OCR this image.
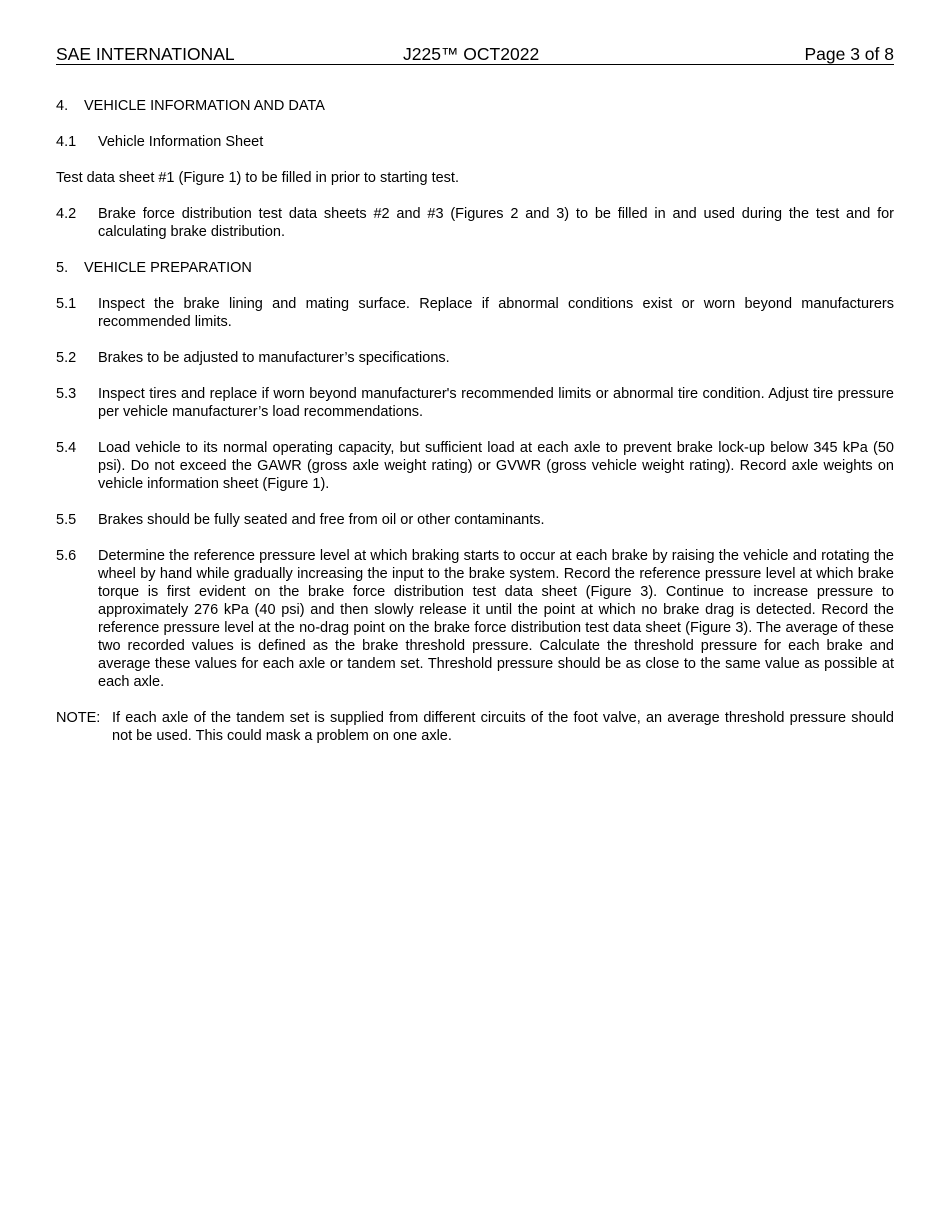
SAE INTERNATIONAL	J225™ OCT2022	Page 3 of 8
4. VEHICLE INFORMATION AND DATA
4.1 Vehicle Information Sheet
Test data sheet #1 (Figure 1) to be filled in prior to starting test.
4.2 Brake force distribution test data sheets #2 and #3 (Figures 2 and 3) to be filled in and used during the test and for calculating brake distribution.
5. VEHICLE PREPARATION
5.1 Inspect the brake lining and mating surface. Replace if abnormal conditions exist or worn beyond manufacturers recommended limits.
5.2 Brakes to be adjusted to manufacturer’s specifications.
5.3 Inspect tires and replace if worn beyond manufacturer's recommended limits or abnormal tire condition. Adjust tire pressure per vehicle manufacturer’s load recommendations.
5.4 Load vehicle to its normal operating capacity, but sufficient load at each axle to prevent brake lock-up below 345 kPa (50 psi). Do not exceed the GAWR (gross axle weight rating) or GVWR (gross vehicle weight rating). Record axle weights on vehicle information sheet (Figure 1).
5.5 Brakes should be fully seated and free from oil or other contaminants.
5.6 Determine the reference pressure level at which braking starts to occur at each brake by raising the vehicle and rotating the wheel by hand while gradually increasing the input to the brake system. Record the reference pressure level at which brake torque is first evident on the brake force distribution test data sheet (Figure 3). Continue to increase pressure to approximately 276 kPa (40 psi) and then slowly release it until the point at which no brake drag is detected. Record the reference pressure level at the no-drag point on the brake force distribution test data sheet (Figure 3). The average of these two recorded values is defined as the brake threshold pressure. Calculate the threshold pressure for each brake and average these values for each axle or tandem set. Threshold pressure should be as close to the same value as possible at each axle.
NOTE: If each axle of the tandem set is supplied from different circuits of the foot valve, an average threshold pressure should not be used. This could mask a problem on one axle.
